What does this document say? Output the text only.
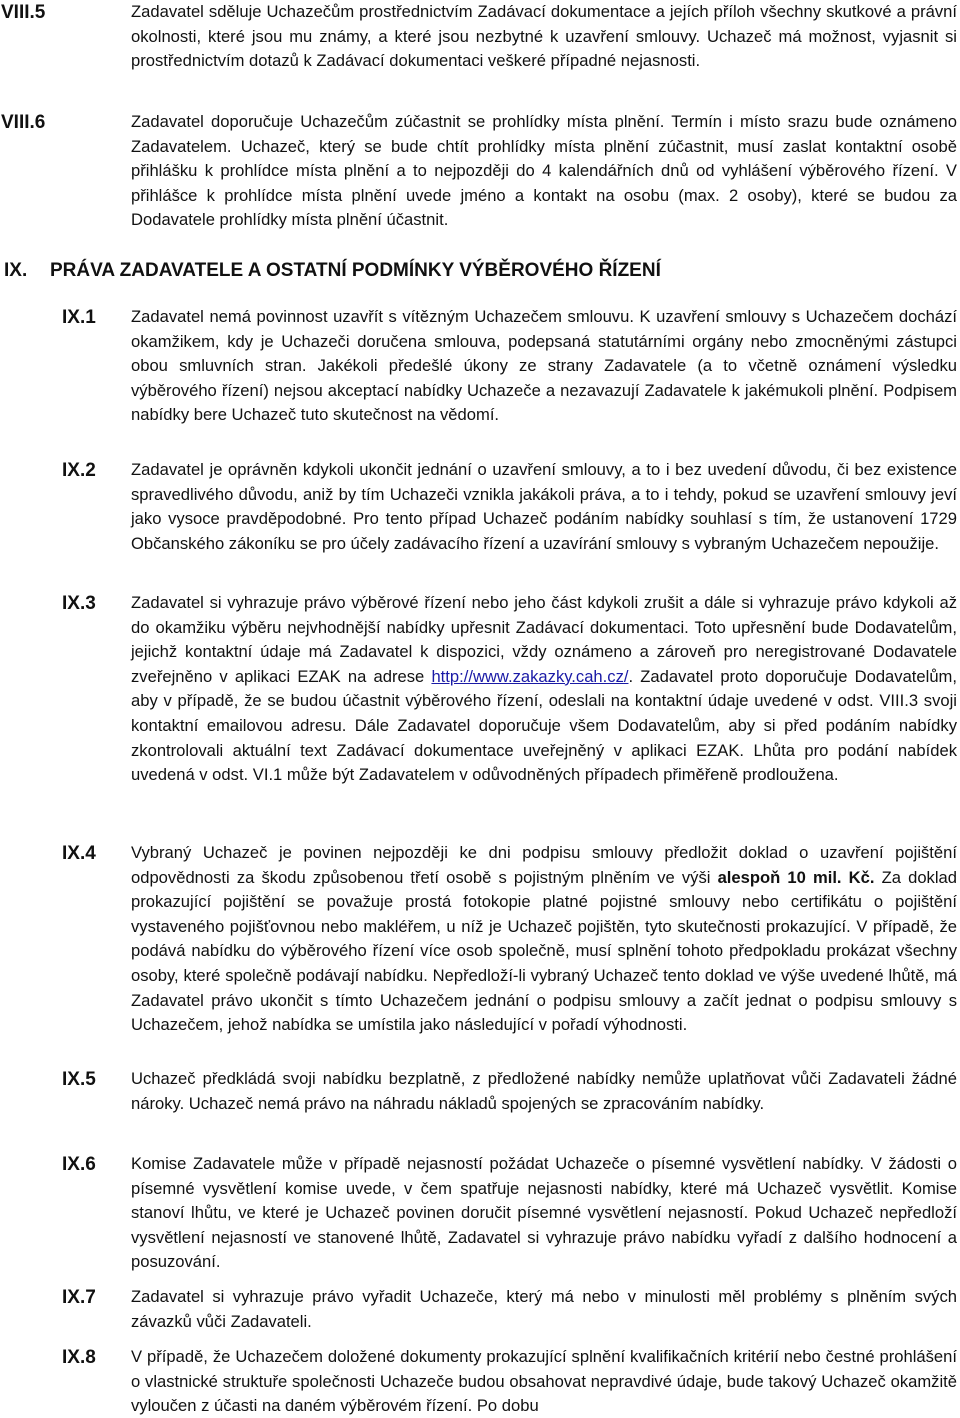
VIII.5	Zadavatel sděluje Uchazečům prostřednictvím Zadávací dokumentace a jejích příloh všechny skutkové a právní okolnosti, které jsou mu známy, a které jsou nezbytné k uzavření smlouvy. Uchazeč má možnost, vyjasnit si prostřednictvím dotazů k Zadávací dokumentaci veškeré případné nejasnosti.

VIII.6	Zadavatel doporučuje Uchazečům zúčastnit se prohlídky místa plnění. Termín i místo srazu bude oznámeno Zadavatelem. Uchazeč, který se bude chtít prohlídky místa plnění zúčastnit, musí zaslat kontaktní osobě přihlášku k prohlídce místa plnění a to nejpozději do 4 kalendářních dnů od vyhlášení výběrového řízení. V přihlášce k prohlídce místa plnění uvede jméno a kontakt na osobu (max. 2 osoby), které se budou za Dodavatele prohlídky místa plnění účastnit.

IX. PRÁVA ZADAVATELE A OSTATNÍ PODMÍNKY VÝBĚROVÉHO ŘÍZENÍ
IX.1 Zadavatel nemá povinnost uzavřít s vítězným Uchazečem smlouvu. K uzavření smlouvy s Uchazečem dochází okamžikem, kdy je Uchazeči doručena smlouva, podepsaná statutárními orgány nebo zmocněnými zástupci obou smluvních stran. Jakékoli předešlé úkony ze strany Zadavatele (a to včetně oznámení výsledku výběrového řízení) nejsou akceptací nabídky Uchazeče a nezavazují Zadavatele k jakémukoli plnění. Podpisem nabídky bere Uchazeč tuto skutečnost na vědomí.

IX.2 Zadavatel je oprávněn kdykoli ukončit jednání o uzavření smlouvy, a to i bez uvedení důvodu, či bez existence spravedlivého důvodu, aniž by tím Uchazeči vznikla jakákoli práva, a to i tehdy, pokud se uzavření smlouvy jeví jako vysoce pravděpodobné. Pro tento případ Uchazeč podáním nabídky souhlasí s tím, že ustanovení 1729 Občanského zákoníku se pro účely zadávacího řízení a uzavírání smlouvy s vybraným Uchazečem nepoužije.

IX.3 Zadavatel si vyhrazuje právo výběrové řízení nebo jeho část kdykoli zrušit a dále si vyhrazuje právo kdykoli až do okamžiku výběru nejvhodnější nabídky upřesnit Zadávací dokumentaci. Toto upřesnění bude Dodavatelům, jejichž kontaktní údaje má Zadavatel k dispozici, vždy oznámeno a zároveň pro neregistrované Dodavatele zveřejněno v aplikaci EZAK na adrese http://www.zakazky.cah.cz/. Zadavatel proto doporučuje Dodavatelům, aby v případě, že se budou účastnit výběrového řízení, odeslali na kontaktní údaje uvedené v odst. VIII.3 svoji kontaktní emailovou adresu. Dále Zadavatel doporučuje všem Dodavatelům, aby si před podáním nabídky zkontrolovali aktuální text Zadávací dokumentace uveřejněný v aplikaci EZAK. Lhůta pro podání nabídek uvedená v odst. VI.1 může být Zadavatelem v odůvodněných případech přiměřeně prodloužena.

IX.4 Vybraný Uchazeč je povinen nejpozději ke dni podpisu smlouvy předložit doklad o uzavření pojištění odpovědnosti za škodu způsobenou třetí osobě s pojistným plněním ve výši alespoň 10 mil. Kč. Za doklad prokazující pojištění se považuje prostá fotokopie platné pojistné smlouvy nebo certifikátu o pojištění vystaveného pojišťovnou nebo makléřem, u níž je Uchazeč pojištěn, tyto skutečnosti prokazující. V případě, že podává nabídku do výběrového řízení více osob společně, musí splnění tohoto předpokladu prokázat všechny osoby, které společně podávají nabídku. Nepředloží-li vybraný Uchazeč tento doklad ve výše uvedené lhůtě, má Zadavatel právo ukončit s tímto Uchazečem jednání o podpisu smlouvy a začít jednat o podpisu smlouvy s Uchazečem, jehož nabídka se umístila jako následující v pořadí výhodnosti.

IX.5 Uchazeč předkládá svoji nabídku bezplatně, z předložené nabídky nemůže uplatňovat vůči Zadavateli žádné nároky. Uchazeč nemá právo na náhradu nákladů spojených se zpracováním nabídky.

IX.6 Komise Zadavatele může v případě nejasností požádat Uchazeče o písemné vysvětlení nabídky. V žádosti o písemné vysvětlení komise uvede, v čem spatřuje nejasnosti nabídky, které má Uchazeč vysvětlit. Komise stanoví lhůtu, ve které je Uchazeč povinen doručit písemné vysvětlení nejasností. Pokud Uchazeč nepředloží vysvětlení nejasností ve stanovené lhůtě, Zadavatel si vyhrazuje právo nabídku vyřadí z dalšího hodnocení a posuzování.

IX.7 Zadavatel si vyhrazuje právo vyřadit Uchazeče, který má nebo v minulosti měl problémy s plněním svých závazků vůči Zadavateli.

IX.8 V případě, že Uchazečem doložené dokumenty prokazující splnění kvalifikačních kritérií nebo čestné prohlášení o vlastnické struktuře společnosti Uchazeče budou obsahovat nepravdivé údaje, bude takový Uchazeč okamžitě vyloučen z účasti na daném výběrovém řízení. Po dobu
